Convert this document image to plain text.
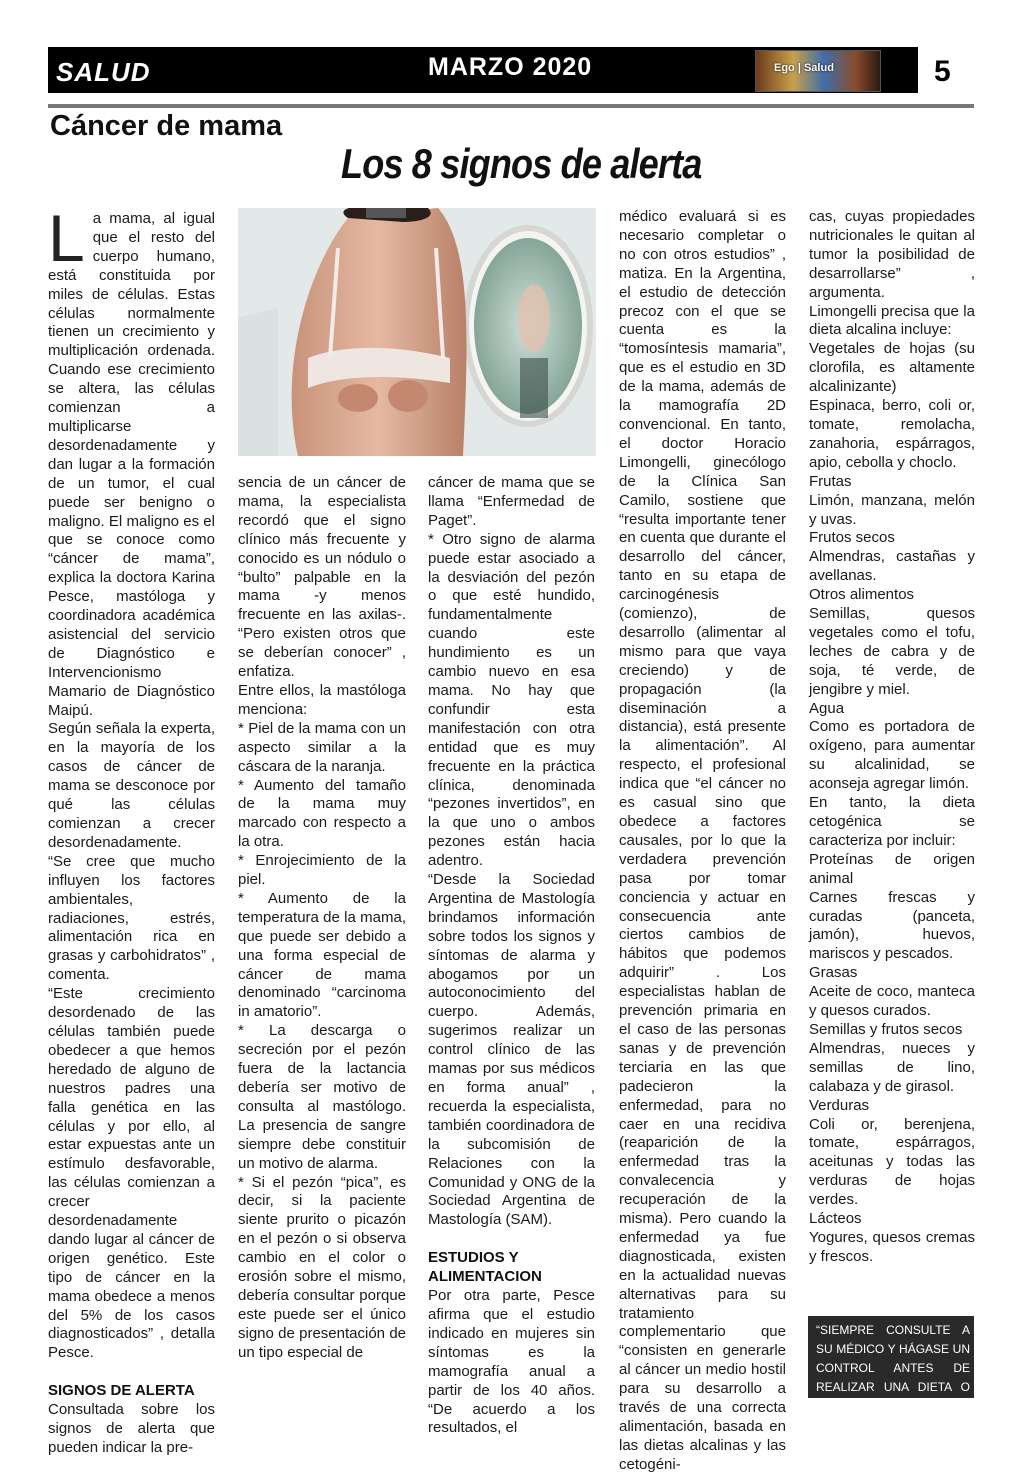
SALUD	MARZO 2020	Ego | Salud	5
Cáncer de mama
Los 8 signos de alerta
L a mama, al igual que el resto del cuerpo humano, está constituida por miles de células. Estas células normalmente tienen un crecimiento y multiplicación ordenada. Cuando ese crecimiento se altera, las células comienzan a multiplicarse desordenadamente y dan lugar a la formación de un tumor, el cual puede ser benigno o maligno. El maligno es el que se conoce como “cáncer de mama”, explica la doctora Karina Pesce, mastóloga y coordinadora académica asistencial del servicio de Diagnóstico e Intervencionismo Mamario de Diagnóstico Maipú.

Según señala la experta, en la mayoría de los casos de cáncer de mama se desconoce por qué las células comienzan a crecer desordenadamente.

“Se cree que mucho influyen los factores ambientales, radiaciones, estrés, alimentación rica en grasas y carbohidratos” , comenta.

“Este crecimiento desordenado de las células también puede obedecer a que hemos heredado de alguno de nuestros padres una falla genética en las células y por ello, al estar expuestas ante un estímulo desfavorable, las células comienzan a crecer desordenadamente dando lugar al cáncer de origen genético. Este tipo de cáncer en la mama obedece a menos del 5% de los casos diagnosticados” , detalla Pesce.

SIGNOS DE ALERTA

Consultada sobre los signos de alerta que pueden indicar la pre-

sencia de un cáncer de mama, la especialista recordó que el signo clínico más frecuente y conocido es un nódulo o “bulto” palpable en la mama -y menos frecuente en las axilas-. “Pero existen otros que se deberían conocer” , enfatiza.

Entre ellos, la mastóloga menciona:

* Piel de la mama con un aspecto similar a la cáscara de la naranja.

* Aumento del tamaño de la mama muy marcado con respecto a la otra.

* Enrojecimiento de la piel.

* Aumento de la temperatura de la mama, que puede ser debido a una forma especial de cáncer de mama denominado “carcinoma in amatorio”.

* La descarga o secreción por el pezón fuera de la lactancia debería ser motivo de consulta al mastólogo. La presencia de sangre siempre debe constituir un motivo de alarma.

* Si el pezón “pica”, es decir, si la paciente siente prurito o picazón en el pezón o si observa cambio en el color o erosión sobre el mismo, debería consultar porque este puede ser el único signo de presentación de un tipo especial de

cáncer de mama que se llama “Enfermedad de Paget”.

* Otro signo de alarma puede estar asociado a la desviación del pezón o que esté hundido, fundamentalmente cuando este hundimiento es un cambio nuevo en esa mama. No hay que confundir esta manifestación con otra entidad que es muy frecuente en la práctica clínica, denominada “pezones invertidos”, en la que uno o ambos pezones están hacia adentro.

“Desde la Sociedad Argentina de Mastología brindamos información sobre todos los signos y síntomas de alarma y abogamos por un autoconocimiento del cuerpo. Además, sugerimos realizar un control clínico de las mamas por sus médicos en forma anual” , recuerda la especialista, también coordinadora de la subcomisión de Relaciones con la Comunidad y ONG de la Sociedad Argentina de Mastología (SAM).

ESTUDIOS Y ALIMENTACION

Por otra parte, Pesce afirma que el estudio indicado en mujeres sin síntomas es la mamografía anual a partir de los 40 años. “De acuerdo a los resultados, el

médico evaluará si es necesario completar o no con otros estudios” , matiza. En la Argentina, el estudio de detección precoz con el que se cuenta es la “tomosíntesis mamaria”, que es el estudio en 3D de la mama, además de la mamografía 2D convencional. En tanto, el doctor Horacio Limongelli, ginecólogo de la Clínica San Camilo, sostiene que “resulta importante tener en cuenta que durante el desarrollo del cáncer, tanto en su etapa de carcinogénesis (comienzo), de desarrollo (alimentar al mismo para que vaya creciendo) y de propagación (la diseminación a distancia), está presente la alimentación”. Al respecto, el profesional indica que “el cáncer no es casual sino que obedece a factores causales, por lo que la verdadera prevención pasa por tomar conciencia y actuar en consecuencia ante ciertos cambios de hábitos que podemos adquirir” . Los especialistas hablan de prevención primaria en el caso de las personas sanas y de prevención terciaria en las que padecieron la enfermedad, para no caer en una recidiva (reaparición de la enfermedad tras la convalecencia y recuperación de la misma). Pero cuando la enfermedad ya fue diagnosticada, existen en la actualidad nuevas alternativas para su tratamiento complementario que “consisten en generarle al cáncer un medio hostil para su desarrollo a través de una correcta alimentación, basada en las dietas alcalinas y las cetogéni-

cas, cuyas propiedades nutricionales le quitan al tumor la posibilidad de desarrollarse” , argumenta.

Limongelli precisa que la dieta alcalina incluye:

Vegetales de hojas (su clorofila, es altamente alcalinizante)

Espinaca, berro, coli or, tomate, remolacha, zanahoria, espárragos, apio, cebolla y choclo.

Frutas

Limón, manzana, melón y uvas.

Frutos secos

Almendras, castañas y avellanas.

Otros alimentos

Semillas, quesos vegetales como el tofu, leches de cabra y de soja, té verde, de jengibre y miel.

Agua

Como es portadora de oxígeno, para aumentar su alcalinidad, se aconseja agregar limón.

En tanto, la dieta cetogénica se caracteriza por incluir:

Proteínas de origen animal

Carnes frescas y curadas (panceta, jamón), huevos, mariscos y pescados.

Grasas

Aceite de coco, manteca y quesos curados.

Semillas y frutos secos

Almendras, nueces y semillas de lino, calabaza y de girasol.

Verduras

Coli or, berenjena, tomate, espárragos, aceitunas y todas las verduras de hojas verdes.

Lácteos

Yogures, quesos cremas y frescos.

“SIEMPRE CONSULTE A SU MÉDICO Y HÁGASE UN CONTROL ANTES DE REALIZAR UNA DIETA O ACTIVIDAD FÍSICA”
